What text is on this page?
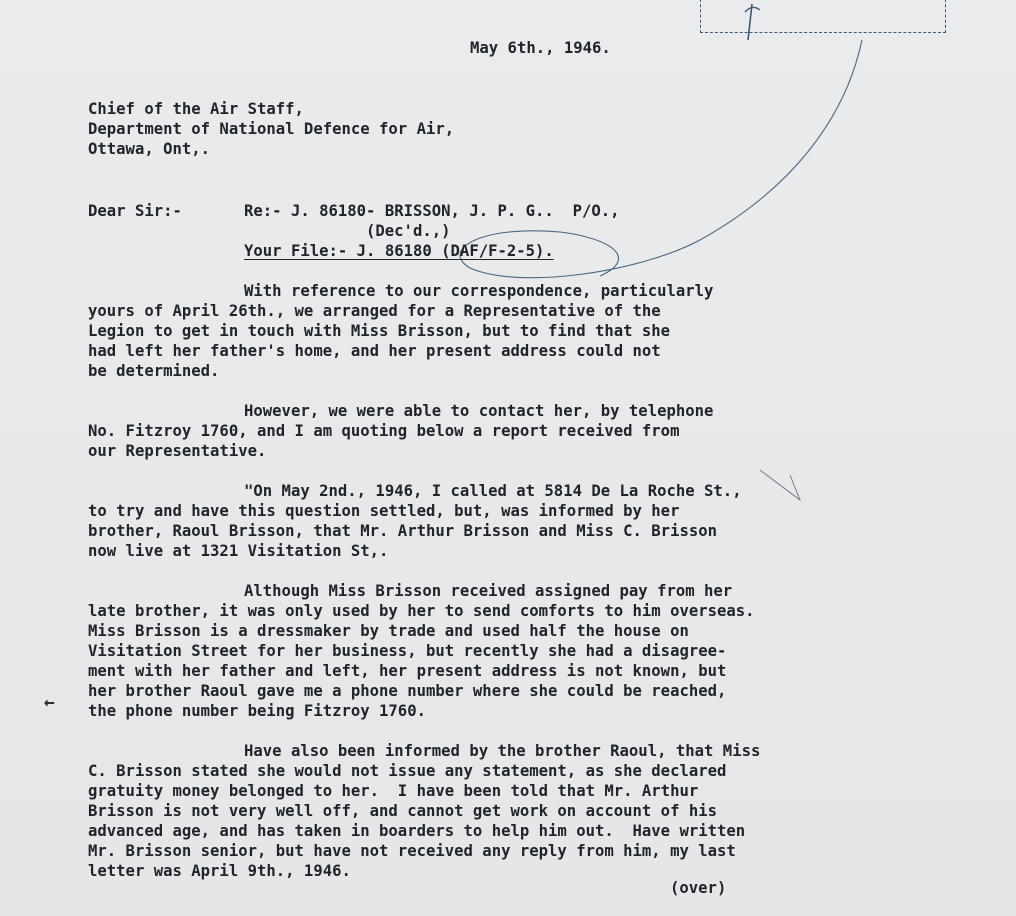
May 6th., 1946.
Chief of the Air Staff,
Department of National Defence for Air,
Ottawa, Ont,.
Dear Sir:-	Re:- J. 86180- BRISSON, J. P. G..  P/O.,
(Dec'd.,)
Your File:- J. 86180 (DAF/F-2-5).
With reference to our correspondence, particularly
yours of April 26th., we arranged for a Representative of the
Legion to get in touch with Miss Brisson, but to find that she
had left her father's home, and her present address could not
be determined.
However, we were able to contact her, by telephone
No. Fitzroy 1760, and I am quoting below a report received from
our Representative.
"On May 2nd., 1946, I called at 5814 De La Roche St.,
to try and have this question settled, but, was informed by her
brother, Raoul Brisson, that Mr. Arthur Brisson and Miss C. Brisson
now live at 1321 Visitation St,.
Although Miss Brisson received assigned pay from her
late brother, it was only used by her to send comforts to him overseas.
Miss Brisson is a dressmaker by trade and used half the house on
Visitation Street for her business, but recently she had a disagree-
ment with her father and left, her present address is not known, but
her brother Raoul gave me a phone number where she could be reached,
the phone number being Fitzroy 1760.
←
Have also been informed by the brother Raoul, that Miss
C. Brisson stated she would not issue any statement, as she declared
gratuity money belonged to her.  I have been told that Mr. Arthur
Brisson is not very well off, and cannot get work on account of his
advanced age, and has taken in boarders to help him out.  Have written
Mr. Brisson senior, but have not received any reply from him, my last
letter was April 9th., 1946.
(over)
